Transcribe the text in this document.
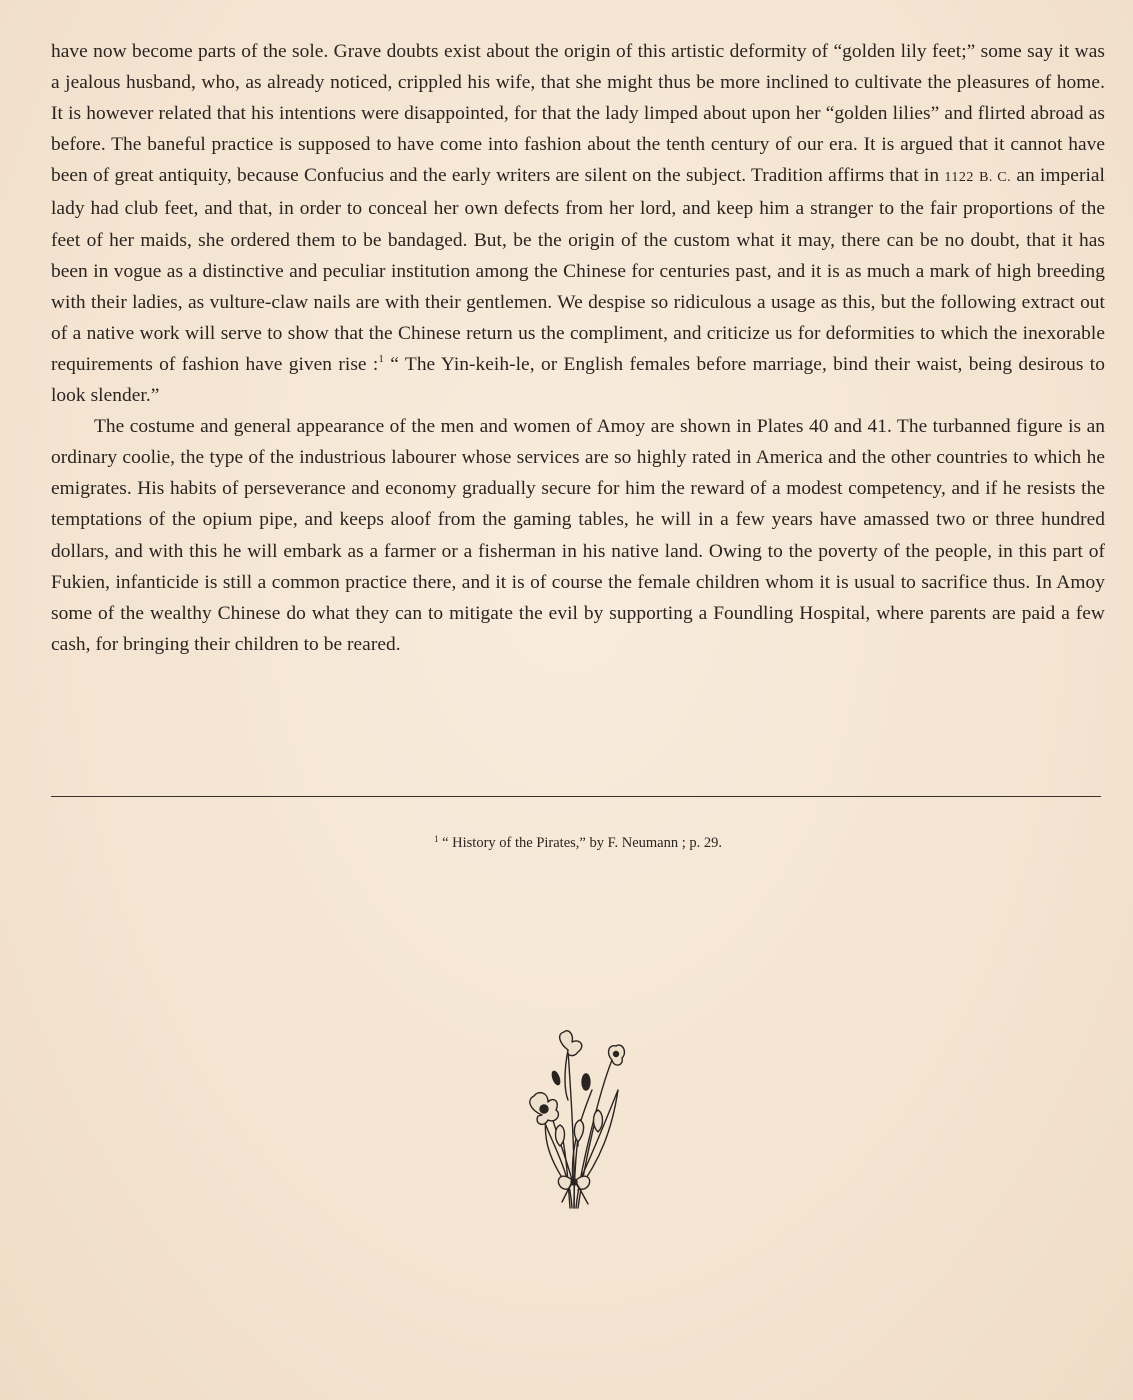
have now become parts of the sole. Grave doubts exist about the origin of this artistic deformity of “golden lily feet;” some say it was a jealous husband, who, as already noticed, crippled his wife, that she might thus be more inclined to cultivate the pleasures of home. It is however related that his intentions were disappointed, for that the lady limped about upon her “golden lilies” and flirted abroad as before. The baneful practice is supposed to have come into fashion about the tenth century of our era. It is argued that it cannot have been of great antiquity, because Confucius and the early writers are silent on the subject. Tradition affirms that in 1122 B. C. an imperial lady had club feet, and that, in order to conceal her own defects from her lord, and keep him a stranger to the fair proportions of the feet of her maids, she ordered them to be bandaged. But, be the origin of the custom what it may, there can be no doubt, that it has been in vogue as a distinctive and peculiar institution among the Chinese for centuries past, and it is as much a mark of high breeding with their ladies, as vulture-claw nails are with their gentlemen. We despise so ridiculous a usage as this, but the following extract out of a native work will serve to show that the Chinese return us the compliment, and criticize us for deformities to which the inexorable requirements of fashion have given rise :$^1$ “ The Yin-keih-le, or English females before marriage, bind their waist, being desirous to look slender.”

The costume and general appearance of the men and women of Amoy are shown in Plates 40 and 41. The turbanned figure is an ordinary coolie, the type of the industrious labourer whose services are so highly rated in America and the other countries to which he emigrates. His habits of perseverance and economy gradually secure for him the reward of a modest competency, and if he resists the temptations of the opium pipe, and keeps aloof from the gaming tables, he will in a few years have amassed two or three hundred dollars, and with this he will embark as a farmer or a fisherman in his native land. Owing to the poverty of the people, in this part of Fukien, infanticide is still a common practice there, and it is of course the female children whom it is usual to sacrifice thus. In Amoy some of the wealthy Chinese do what they can to mitigate the evil by supporting a Foundling Hospital, where parents are paid a few cash, for bringing their children to be reared.

$^1$ “ History of the Pirates,” by F. Neumann ; p. 29.
